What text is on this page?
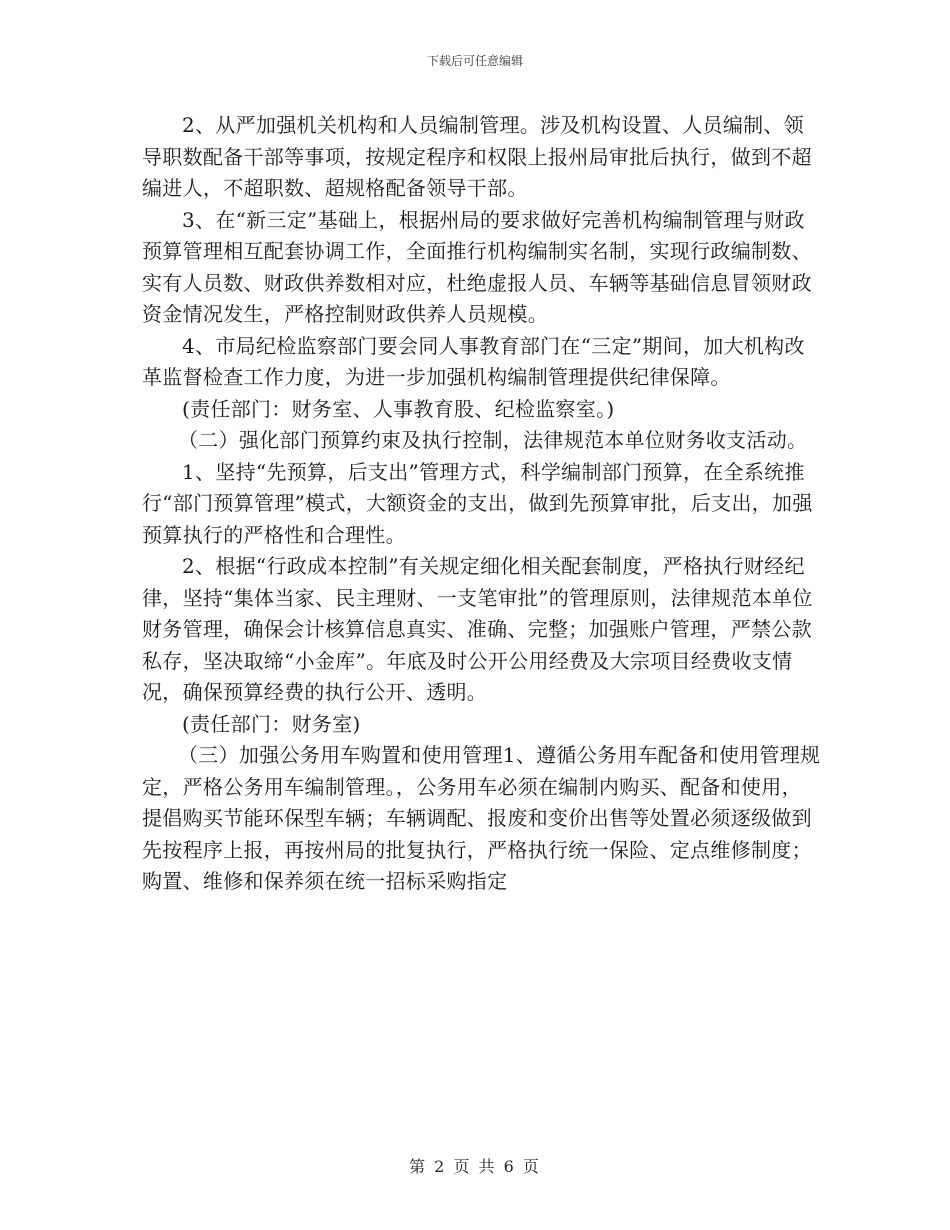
下载后可任意编辑

2、从严加强机关机构和人员编制管理。涉及机构设置、人员编制、领导职数配备干部等事项，按规定程序和权限上报州局审批后执行，做到不超编进人，不超职数、超规格配备领导干部。

3、在“新三定”基础上，根据州局的要求做好完善机构编制管理与财政预算管理相互配套协调工作，全面推行机构编制实名制，实现行政编制数、实有人员数、财政供养数相对应，杜绝虚报人员、车辆等基础信息冒领财政资金情况发生，严格控制财政供养人员规模。

4、市局纪检监察部门要会同人事教育部门在“三定”期间，加大机构改革监督检查工作力度，为进一步加强机构编制管理提供纪律保障。

(责任部门：财务室、人事教育股、纪检监察室。)

（二）强化部门预算约束及执行控制，法律规范本单位财务收支活动。

1、坚持“先预算，后支出”管理方式，科学编制部门预算，在全系统推行“部门预算管理”模式，大额资金的支出，做到先预算审批，后支出，加强预算执行的严格性和合理性。

2、根据“行政成本控制”有关规定细化相关配套制度，严格执行财经纪律，坚持“集体当家、民主理财、一支笔审批”的管理原则，法律规范本单位财务管理，确保会计核算信息真实、准确、完整；加强账户管理，严禁公款私存，坚决取缔“小金库”。年底及时公开公用经费及大宗项目经费收支情况，确保预算经费的执行公开、透明。

(责任部门：财务室)

（三）加强公务用车购置和使用管理1、遵循公务用车配备和使用管理规定，严格公务用车编制管理。，公务用车必须在编制内购买、配备和使用，提倡购买节能环保型车辆；车辆调配、报废和变价出售等处置必须逐级做到先按程序上报，再按州局的批复执行，严格执行统一保险、定点维修制度；购置、维修和保养须在统一招标采购指定

第 2 页 共 6 页
